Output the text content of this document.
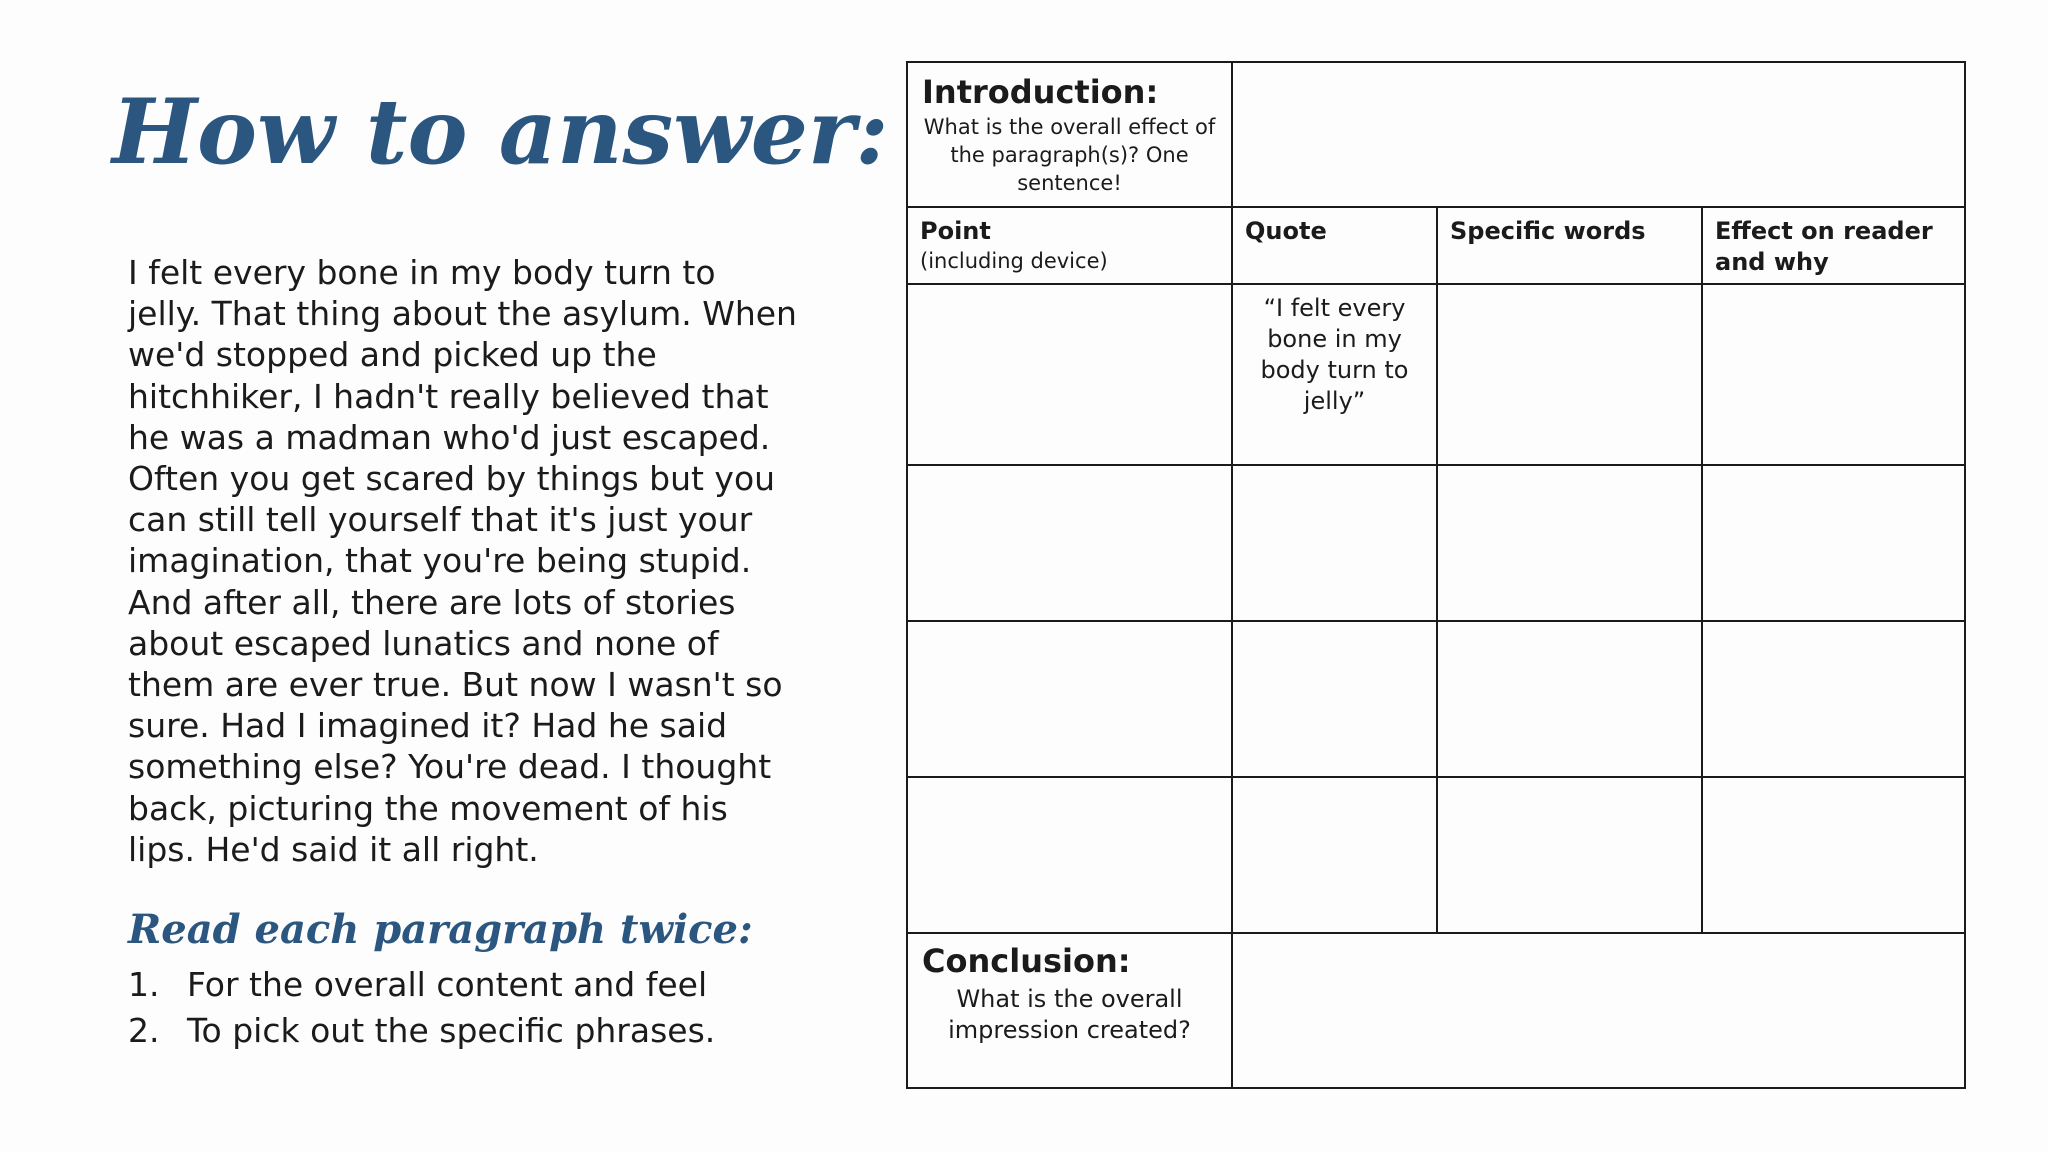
How to answer:

I felt every bone in my body turn to jelly. That thing about the asylum. When we'd stopped and picked up the hitchhiker, I hadn't really believed that he was a madman who'd just escaped. Often you get scared by things but you can still tell yourself that it's just your imagination, that you're being stupid. And after all, there are lots of stories about escaped lunatics and none of them are ever true. But now I wasn't so sure. Had I imagined it? Had he said something else? You're dead. I thought back, picturing the movement of his lips. He'd said it all right.

Read each paragraph twice:
1. For the overall content and feel
2. To pick out the specific phrases.
Introduction:
What is the overall effect of the paragraph(s)? One sentence!
Point
(including device)
Quote	Specific words	Effect on reader and why
“I felt every bone in my body turn to jelly”
Conclusion:
What is the overall impression created?
